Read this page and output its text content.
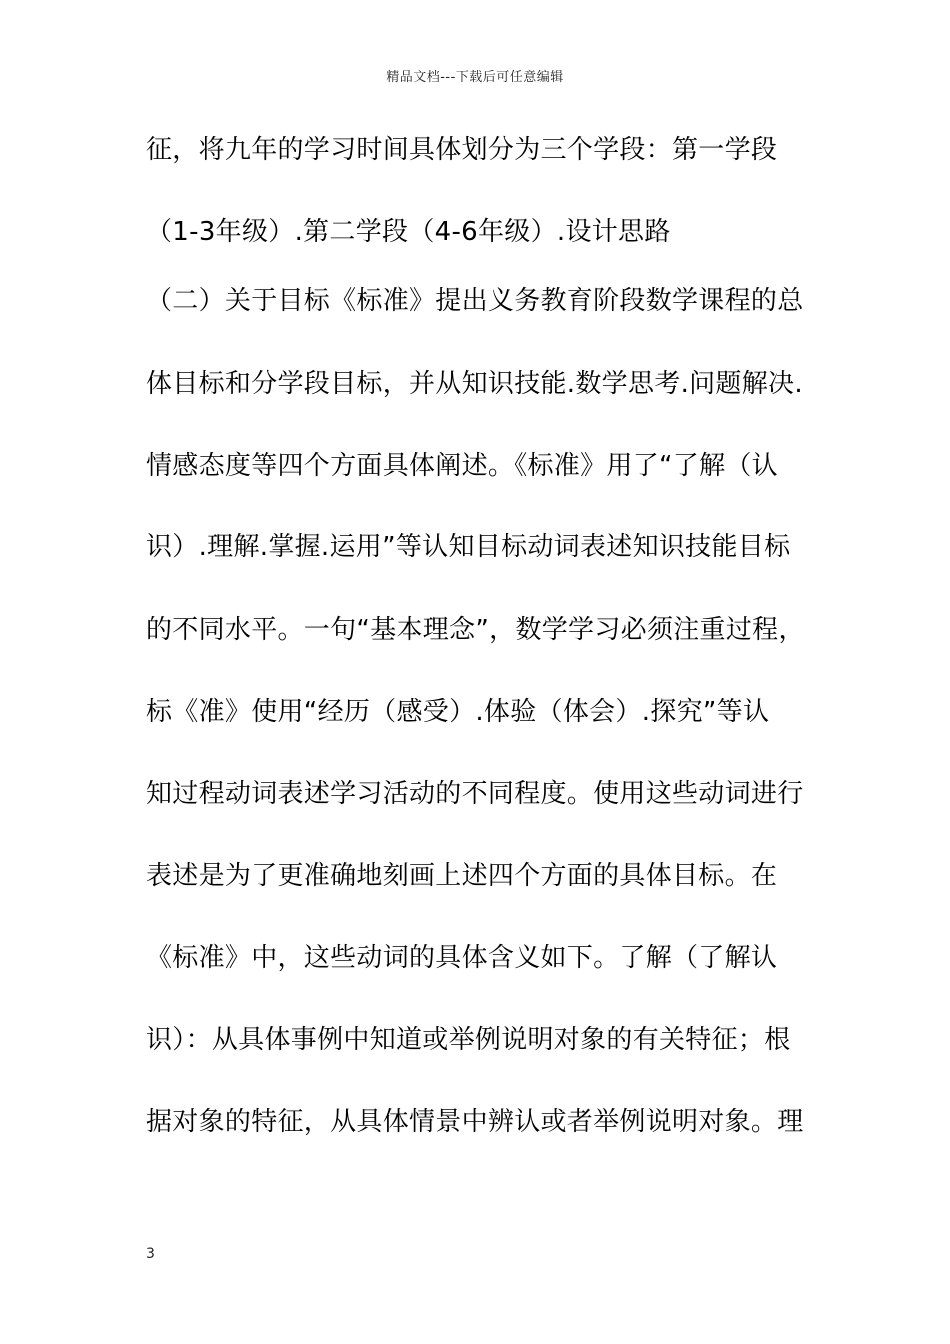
精品文档---下载后可任意编辑
征，将九年的学习时间具体划分为三个学段：第一学段
（1-3年级）.第二学段（4-6年级）.设计思路
（二）关于目标《标准》提出义务教育阶段数学课程的总
体目标和分学段目标，并从知识技能.数学思考.问题解决.
情感态度等四个方面具体阐述。《标准》用了“了解（认
识）.理解.掌握.运用”等认知目标动词表述知识技能目标
的不同水平。一句“基本理念”，数学学习必须注重过程，
标《准》使用“经历（感受）.体验（体会）.探究”等认
知过程动词表述学习活动的不同程度。使用这些动词进行
表述是为了更准确地刻画上述四个方面的具体目标。在
《标准》中，这些动词的具体含义如下。了解（了解认
识）：从具体事例中知道或举例说明对象的有关特征；根
据对象的特征，从具体情景中辨认或者举例说明对象。理
3
